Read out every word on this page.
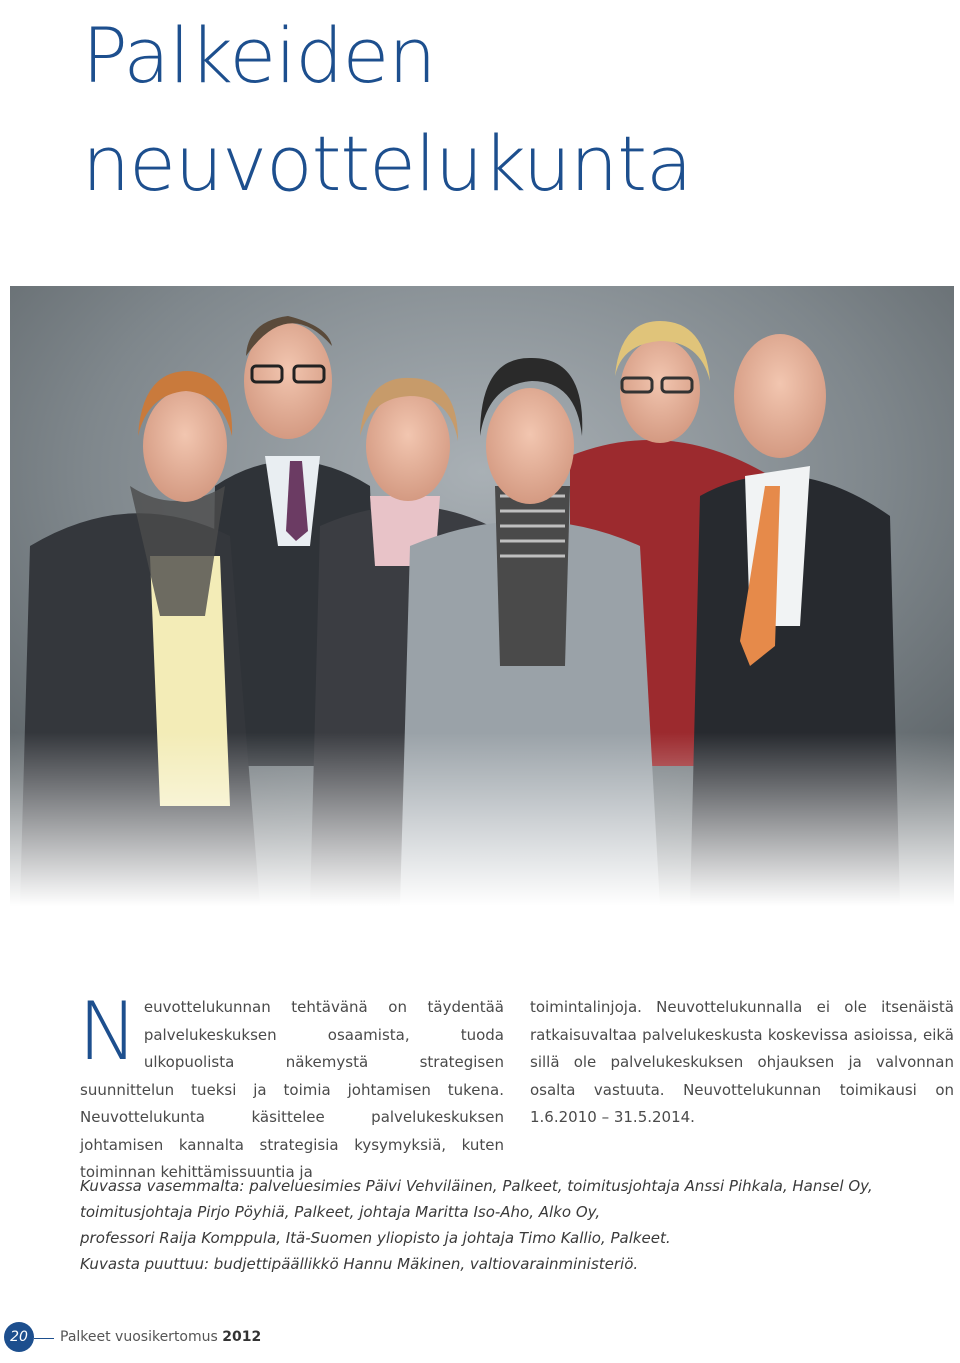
Palkeiden
neuvottelukunta
Neuvottelukunnan tehtävänä on täydentää palvelukeskuksen osaamista, tuoda ulkopuolista näkemystä strategisen suunnittelun tueksi ja toimia johtamisen tukena. Neuvottelukunta käsittelee palvelukeskuksen johtamisen kannalta strategisia kysymyksiä, kuten toiminnan kehittämissuuntia ja
toimintalinjoja. Neuvottelukunnalla ei ole itsenäistä ratkaisuvaltaa palvelukeskusta koskevissa asioissa, eikä sillä ole palvelukeskuksen ohjauksen ja valvonnan osalta vastuuta. Neuvottelukunnan toimikausi on 1.6.2010 – 31.5.2014.

Kuvassa vasemmalta: palveluesimies Päivi Vehviläinen, Palkeet, toimitusjohtaja Anssi Pihkala, Hansel Oy,

toimitusjohtaja Pirjo Pöyhiä, Palkeet, johtaja Maritta Iso-Aho, Alko Oy,

professori Raija Komppula, Itä-Suomen yliopisto ja johtaja Timo Kallio, Palkeet.

Kuvasta puuttuu: budjettipäällikkö Hannu Mäkinen, valtiovarainministeriö.

20	Palkeet vuosikertomus 2012
